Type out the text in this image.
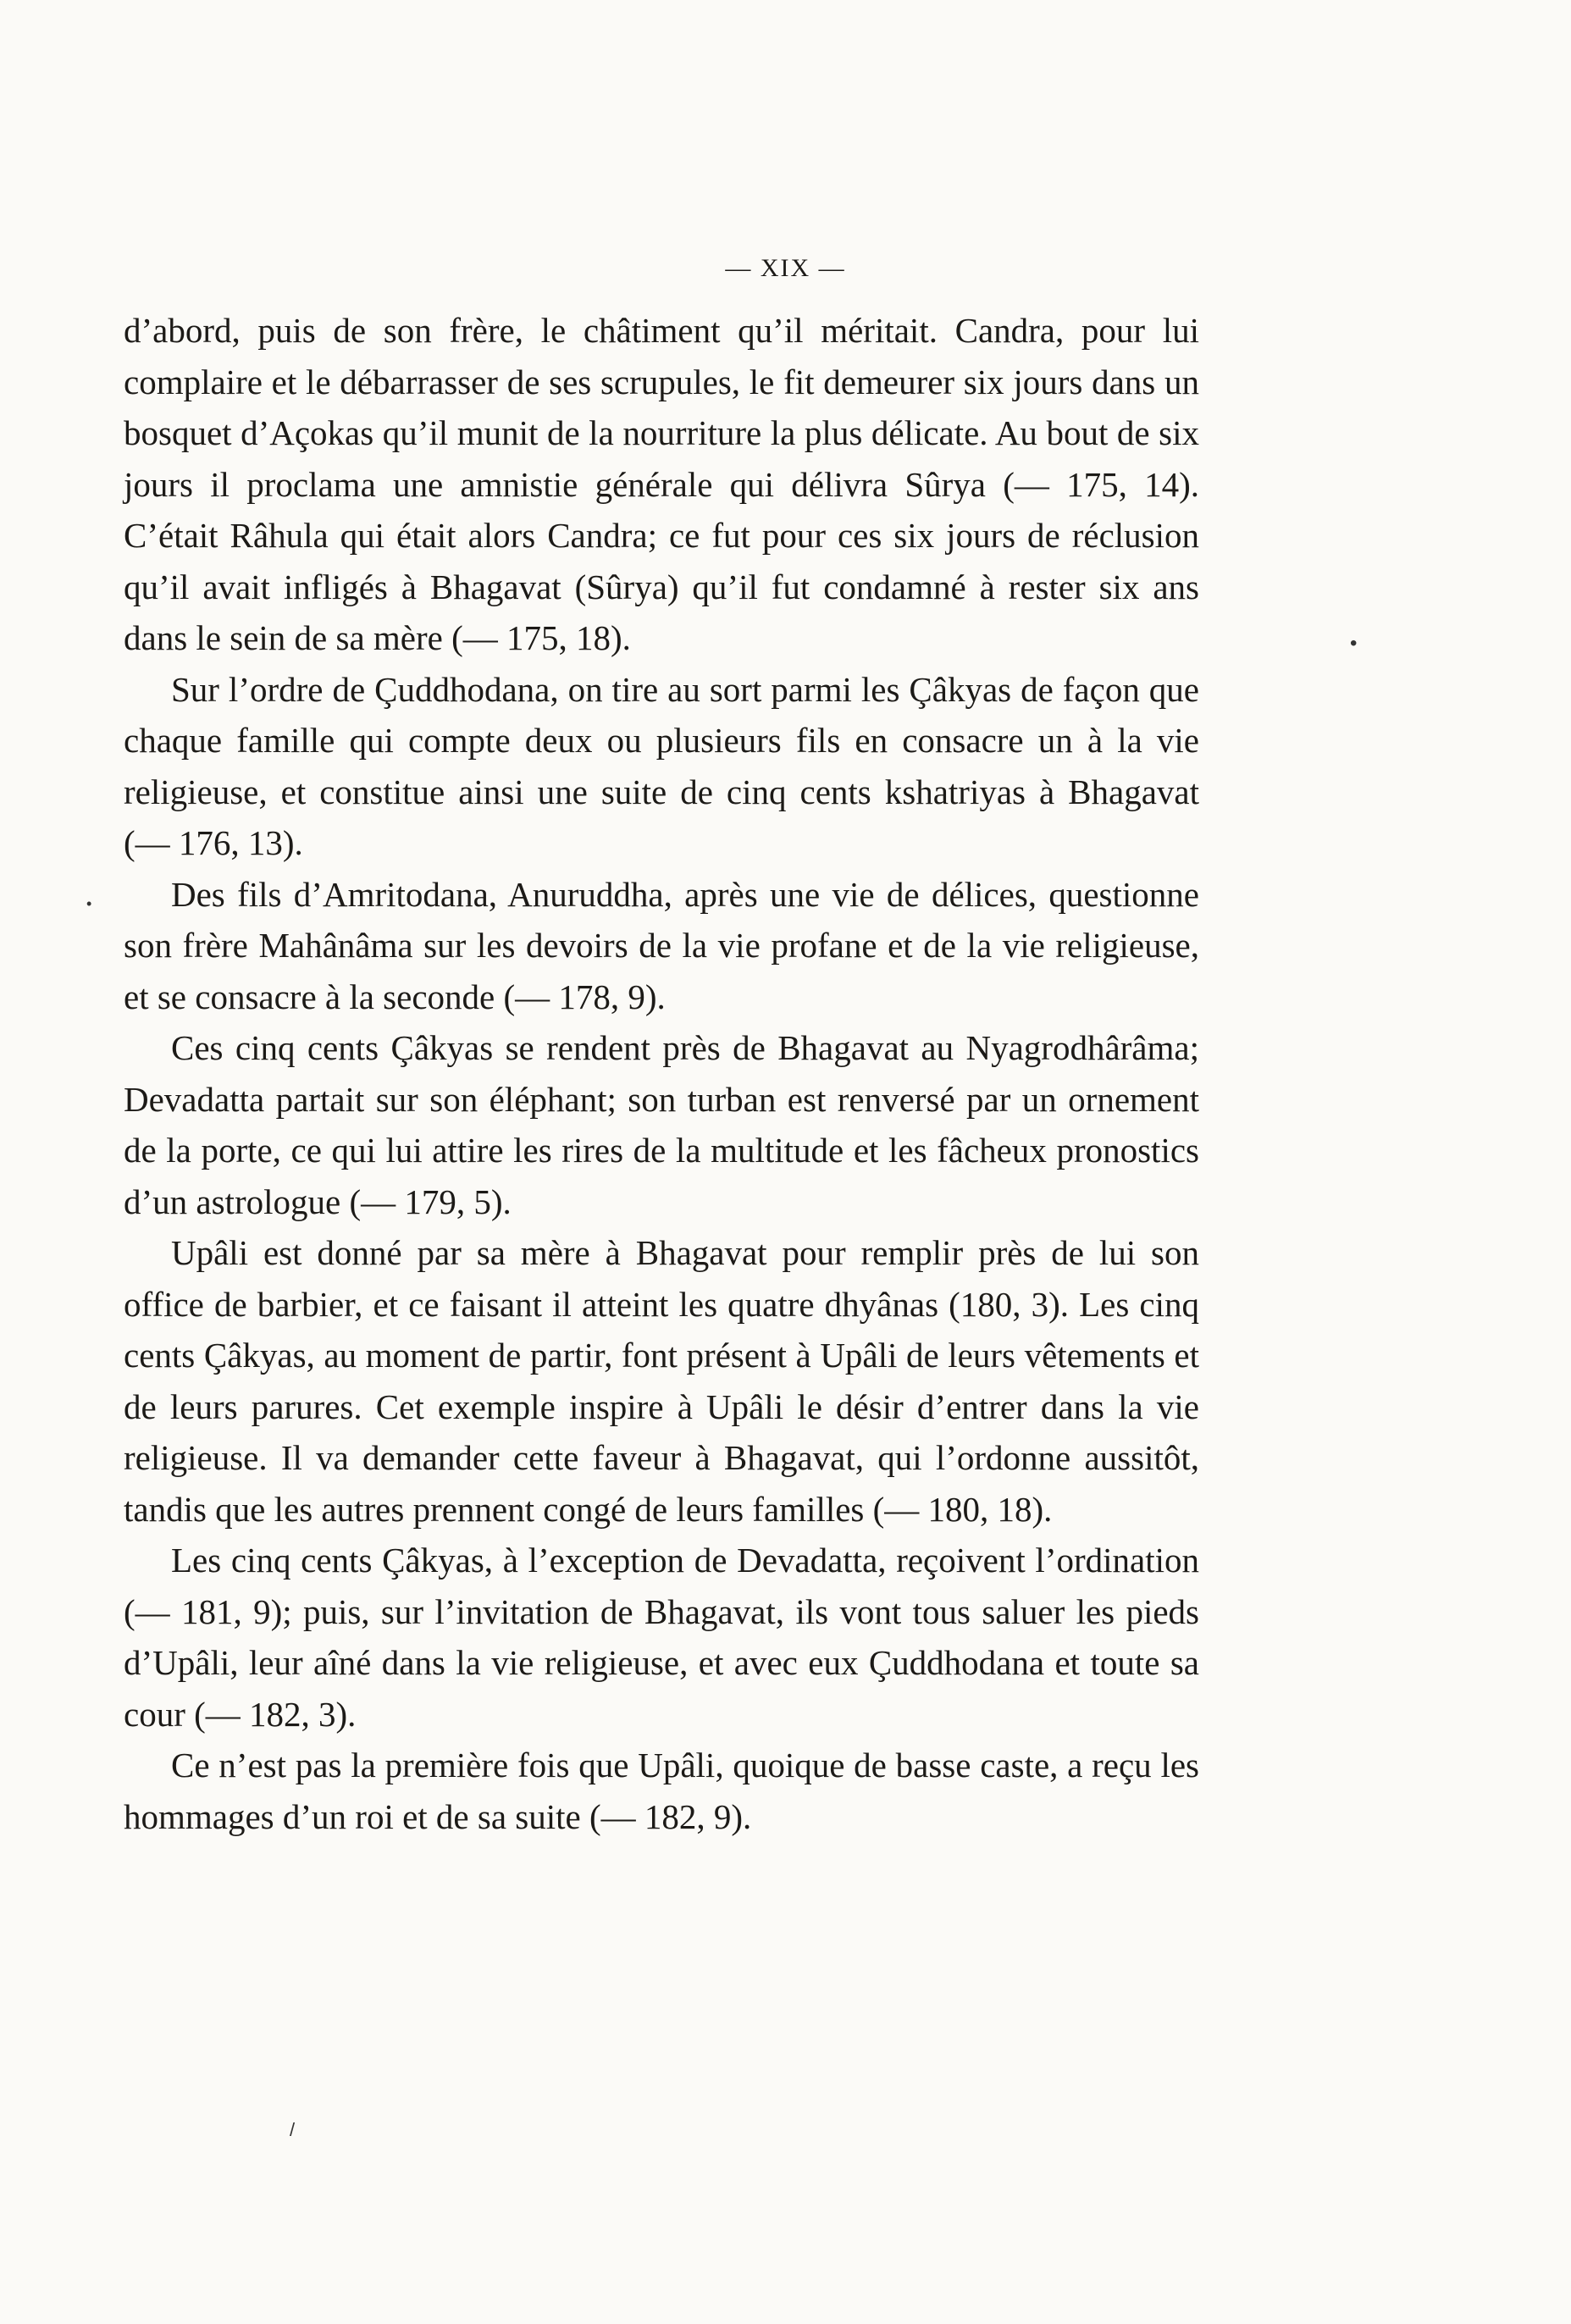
— XIX —

d’abord, puis de son frère, le châtiment qu’il méritait. Candra, pour lui complaire et le débarrasser de ses scrupules, le fit demeurer six jours dans un bosquet d’Açokas qu’il munit de la nourriture la plus délicate. Au bout de six jours il proclama une amnistie générale qui délivra Sûrya (— 175, 14). C’était Râhula qui était alors Candra; ce fut pour ces six jours de réclusion qu’il avait infligés à Bhagavat (Sûrya) qu’il fut condamné à rester six ans dans le sein de sa mère (— 175, 18).

Sur l’ordre de Çuddhodana, on tire au sort parmi les Çâkyas de façon que chaque famille qui compte deux ou plusieurs fils en consacre un à la vie religieuse, et constitue ainsi une suite de cinq cents kshatriyas à Bhagavat (— 176, 13).

Des fils d’Amritodana, Anuruddha, après une vie de délices, questionne son frère Mahânâma sur les devoirs de la vie profane et de la vie religieuse, et se consacre à la seconde (— 178, 9).

Ces cinq cents Çâkyas se rendent près de Bhagavat au Nyagrodhârâma; Devadatta partait sur son éléphant; son turban est renversé par un ornement de la porte, ce qui lui attire les rires de la multitude et les fâcheux pronostics d’un astrologue (— 179, 5).

Upâli est donné par sa mère à Bhagavat pour remplir près de lui son office de barbier, et ce faisant il atteint les quatre dhyânas (180, 3). Les cinq cents Çâkyas, au moment de partir, font présent à Upâli de leurs vêtements et de leurs parures. Cet exemple inspire à Upâli le désir d’entrer dans la vie religieuse. Il va demander cette faveur à Bhagavat, qui l’ordonne aussitôt, tandis que les autres prennent congé de leurs familles (— 180, 18).

Les cinq cents Çâkyas, à l’exception de Devadatta, reçoivent l’ordination (— 181, 9); puis, sur l’invitation de Bhagavat, ils vont tous saluer les pieds d’Upâli, leur aîné dans la vie religieuse, et avec eux Çuddhodana et toute sa cour (— 182, 3).

Ce n’est pas la première fois que Upâli, quoique de basse caste, a reçu les hommages d’un roi et de sa suite (— 182, 9).

•
•
/
